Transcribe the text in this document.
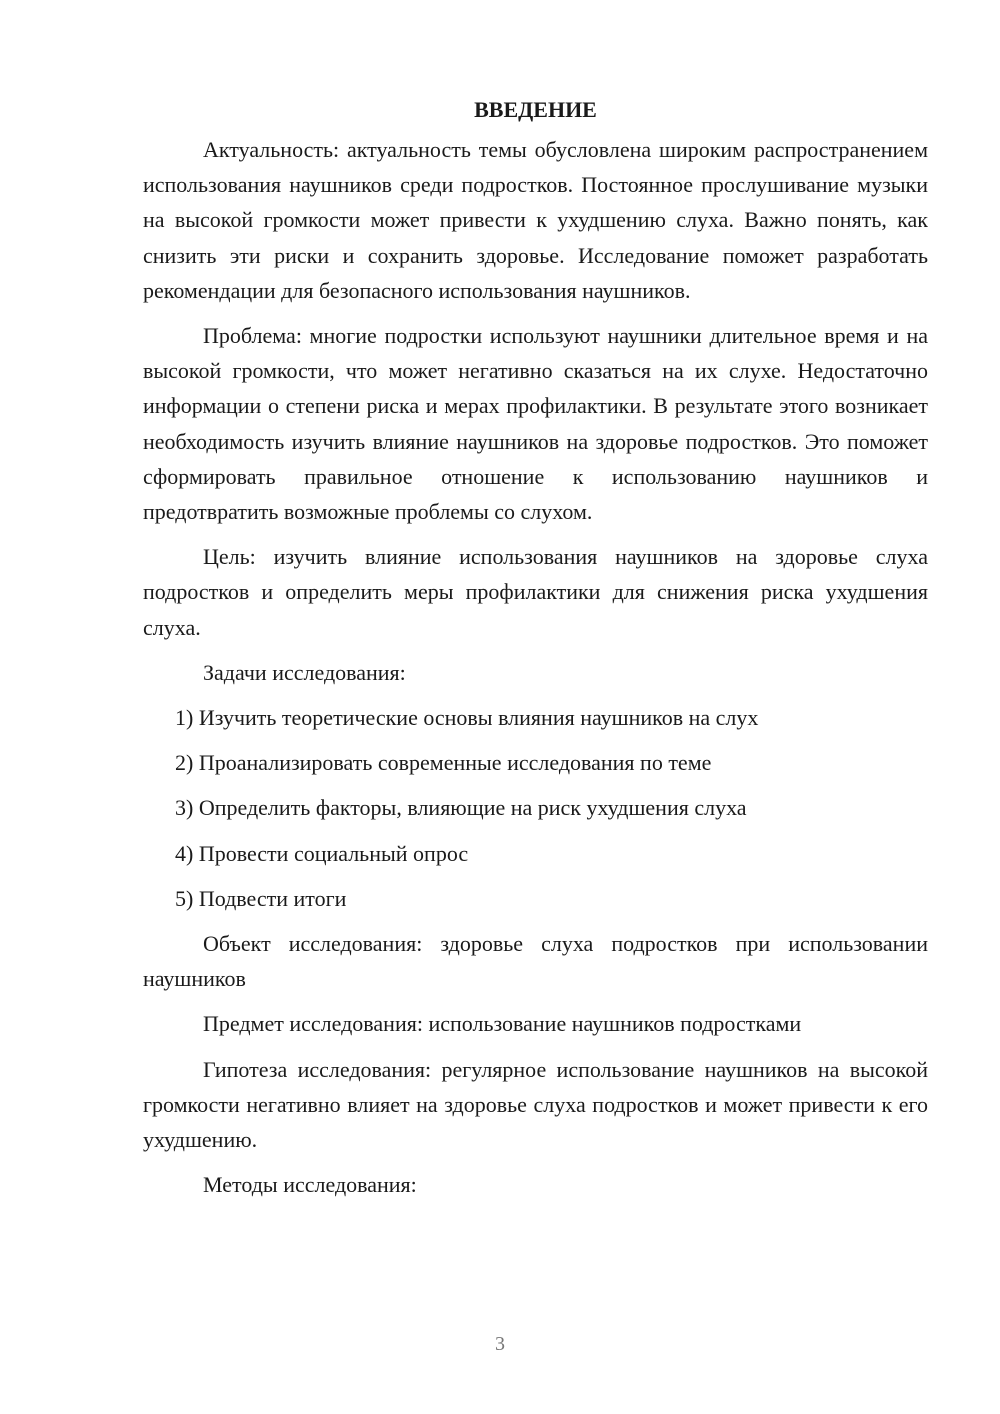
ВВЕДЕНИЕ

Актуальность: актуальность темы обусловлена широким распространением использования наушников среди подростков. Постоянное прослушивание музыки на высокой громкости может привести к ухудшению слуха. Важно понять, как снизить эти риски и сохранить здоровье. Исследование поможет разработать рекомендации для безопасного использования наушников.

Проблема: многие подростки используют наушники длительное время и на высокой громкости, что может негативно сказаться на их слухе. Недостаточно информации о степени риска и мерах профилактики. В результате этого возникает необходимость изучить влияние наушников на здоровье подростков. Это поможет сформировать правильное отношение к использованию наушников и предотвратить возможные проблемы со слухом.

Цель: изучить влияние использования наушников на здоровье слуха подростков и определить меры профилактики для снижения риска ухудшения слуха.

Задачи исследования:

1) Изучить теоретические основы влияния наушников на слух
2) Проанализировать современные исследования по теме
3) Определить факторы, влияющие на риск ухудшения слуха
4) Провести социальный опрос
5) Подвести итоги

Объект исследования: здоровье слуха подростков при использовании наушников

Предмет исследования: использование наушников подростками

Гипотеза исследования: регулярное использование наушников на высокой громкости негативно влияет на здоровье слуха подростков и может привести к его ухудшению.

Методы исследования:

3
